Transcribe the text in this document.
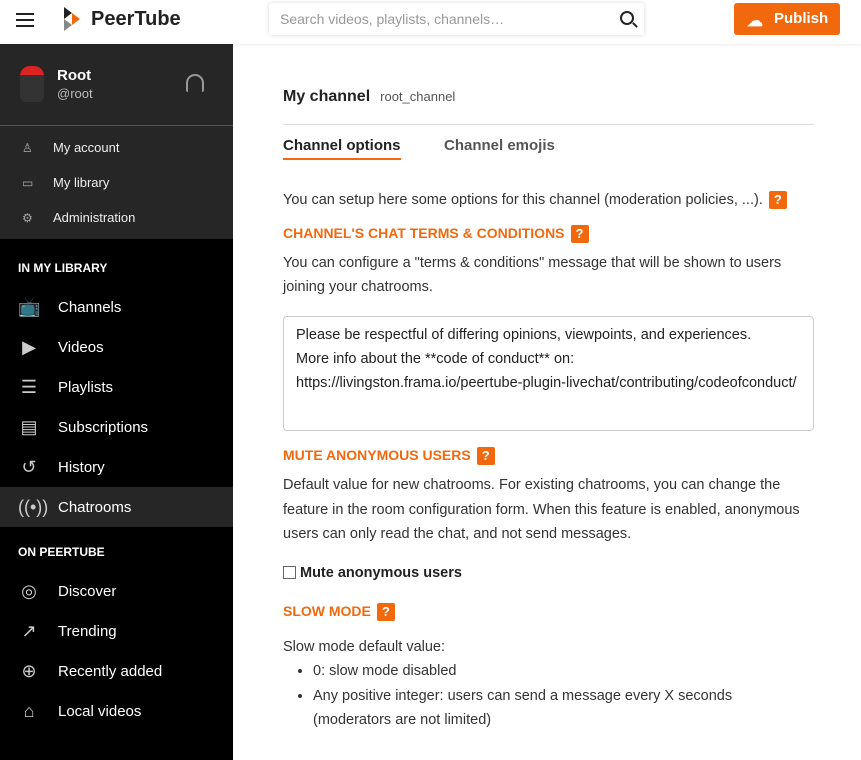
PeerTube	Search videos, playlists, channels…	☁ Publish
Root
@root
♙ My account
▭ My library
⚙ Administration
IN MY LIBRARY
📺 Channels
▶ Videos
☰ Playlists
▤ Subscriptions
↺ History
((•)) Chatrooms
ON PEERTUBE
◎ Discover
↗ Trending
⊕ Recently added
⌂	Local videos
My channel root_channel
Channel options	Channel emojis

You can setup here some options for this channel (moderation policies, ...). ?

CHANNEL'S CHAT TERMS & CONDITIONS ?

You can configure a "terms & conditions" message that will be shown to users joining your chatrooms.

Please be respectful of differing opinions, viewpoints, and experiences.
More info about the **code of conduct** on:
https://livingston.frama.io/peertube-plugin-livechat/contributing/codeofconduct/
MUTE ANONYMOUS USERS ?

Default value for new chatrooms. For existing chatrooms, you can change the feature in the room configuration form. When this feature is enabled, anonymous users can only read the chat, and not send messages.

Mute anonymous users
SLOW MODE ?

Slow mode default value:

• 0: slow mode disabled
• Any positive integer: users can send a message every X seconds (moderators are not limited)
